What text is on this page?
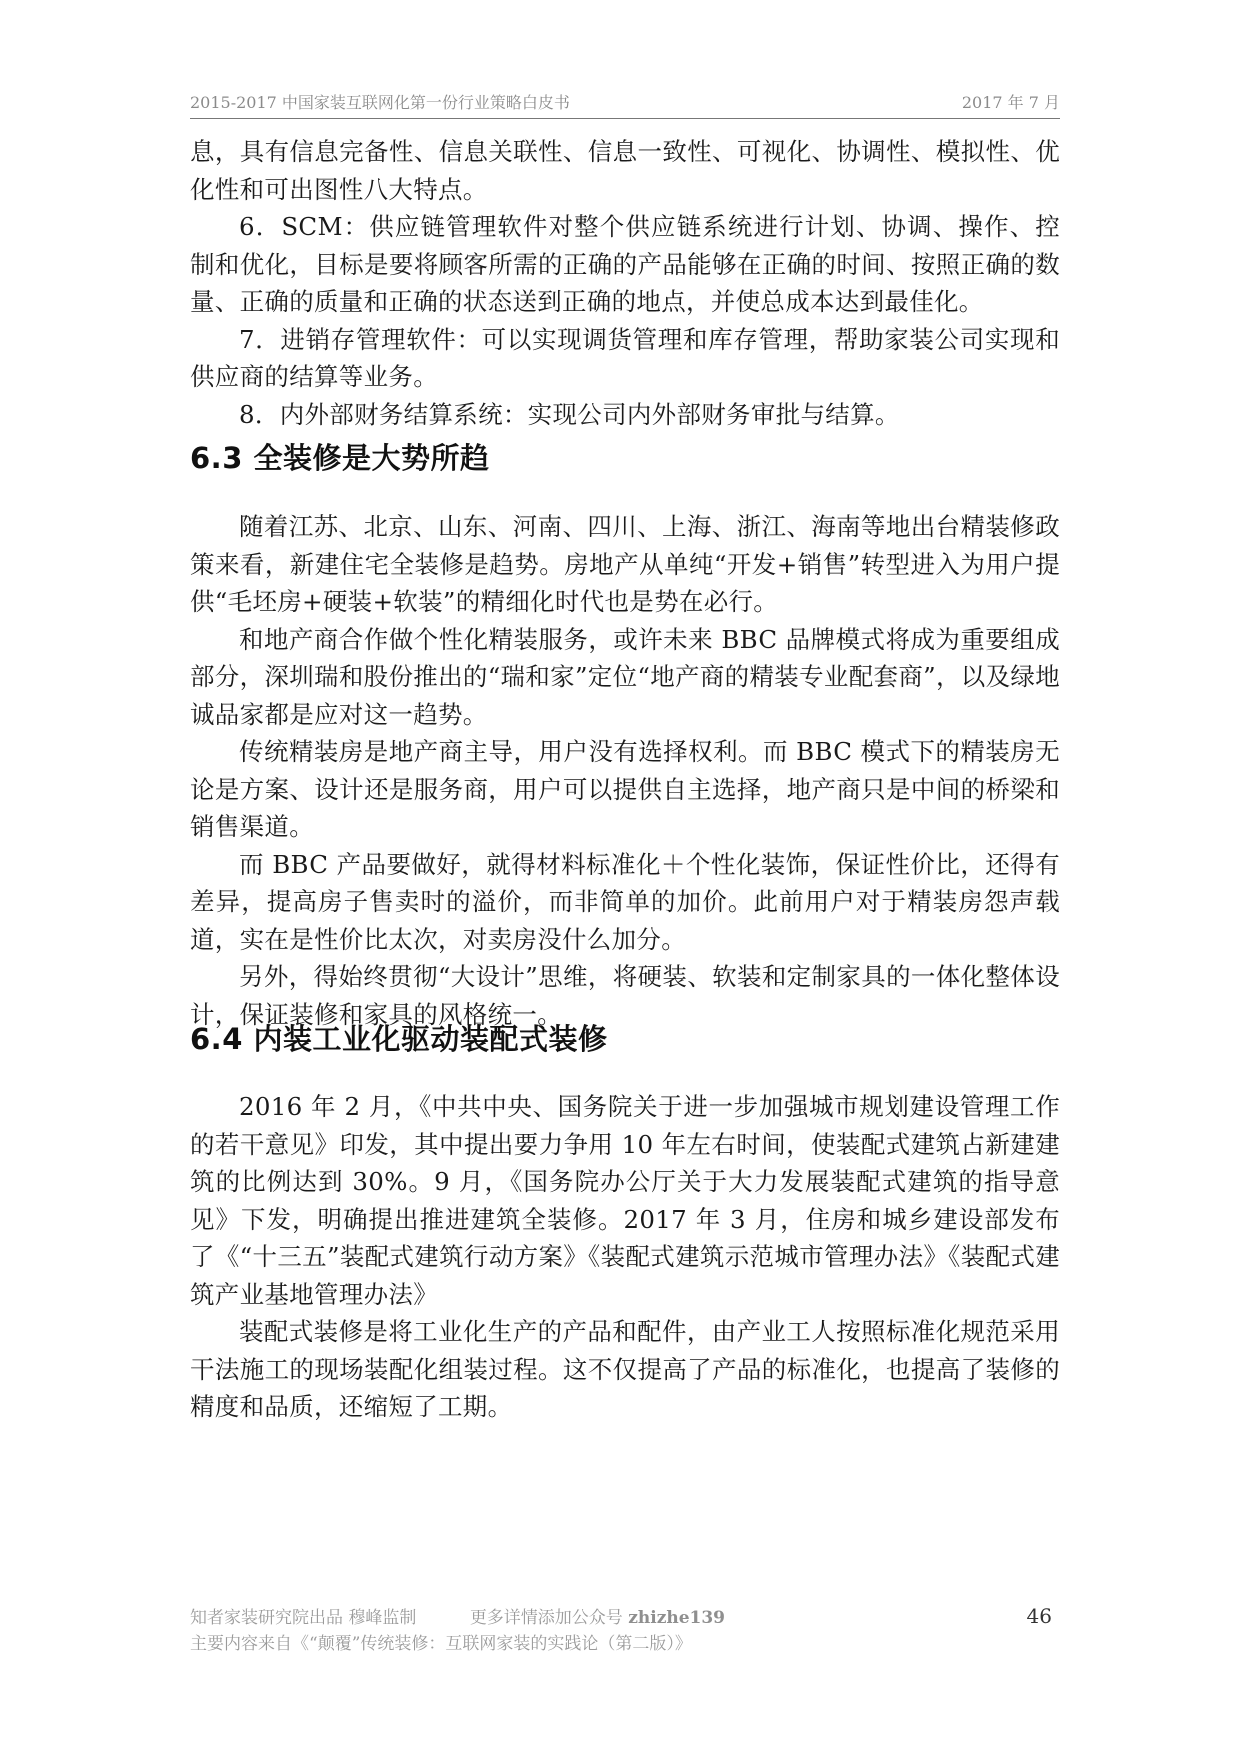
2015-2017 中国家装互联网化第一份行业策略白皮书	2017 年 7 月

息，具有信息完备性、信息关联性、信息一致性、可视化、协调性、模拟性、优化性和可出图性八大特点。

6．SCM：供应链管理软件对整个供应链系统进行计划、协调、操作、控制和优化，目标是要将顾客所需的正确的产品能够在正确的时间、按照正确的数量、正确的质量和正确的状态送到正确的地点，并使总成本达到最佳化。

7．进销存管理软件：可以实现调货管理和库存管理，帮助家装公司实现和供应商的结算等业务。

8．内外部财务结算系统：实现公司内外部财务审批与结算。

6.3 全装修是大势所趋

随着江苏、北京、山东、河南、四川、上海、浙江、海南等地出台精装修政策来看，新建住宅全装修是趋势。房地产从单纯“开发+销售”转型进入为用户提供“毛坯房+硬装+软装”的精细化时代也是势在必行。

和地产商合作做个性化精装服务，或许未来 BBC 品牌模式将成为重要组成部分，深圳瑞和股份推出的“瑞和家”定位“地产商的精装专业配套商”，以及绿地诚品家都是应对这一趋势。

传统精装房是地产商主导，用户没有选择权利。而 BBC 模式下的精装房无论是方案、设计还是服务商，用户可以提供自主选择，地产商只是中间的桥梁和销售渠道。

而 BBC 产品要做好，就得材料标准化＋个性化装饰，保证性价比，还得有差异，提高房子售卖时的溢价，而非简单的加价。此前用户对于精装房怨声载道，实在是性价比太次，对卖房没什么加分。

另外，得始终贯彻“大设计”思维，将硬装、软装和定制家具的一体化整体设计，保证装修和家具的风格统一。

6.4 内装工业化驱动装配式装修

2016 年 2 月，《中共中央、国务院关于进一步加强城市规划建设管理工作的若干意见》印发，其中提出要力争用 10 年左右时间，使装配式建筑占新建建筑的比例达到 30%。9 月，《国务院办公厅关于大力发展装配式建筑的指导意见》下发，明确提出推进建筑全装修。2017 年 3 月，住房和城乡建设部发布了《“十三五”装配式建筑行动方案》《装配式建筑示范城市管理办法》《装配式建筑产业基地管理办法》

装配式装修是将工业化生产的产品和配件，由产业工人按照标准化规范采用干法施工的现场装配化组装过程。这不仅提高了产品的标准化，也提高了装修的精度和品质，还缩短了工期。

知者家装研究院出品 穆峰监制	更多详情添加公众号 zhizhe139	46
主要内容来自《“颠覆”传统装修：互联网家装的实践论（第二版）》
